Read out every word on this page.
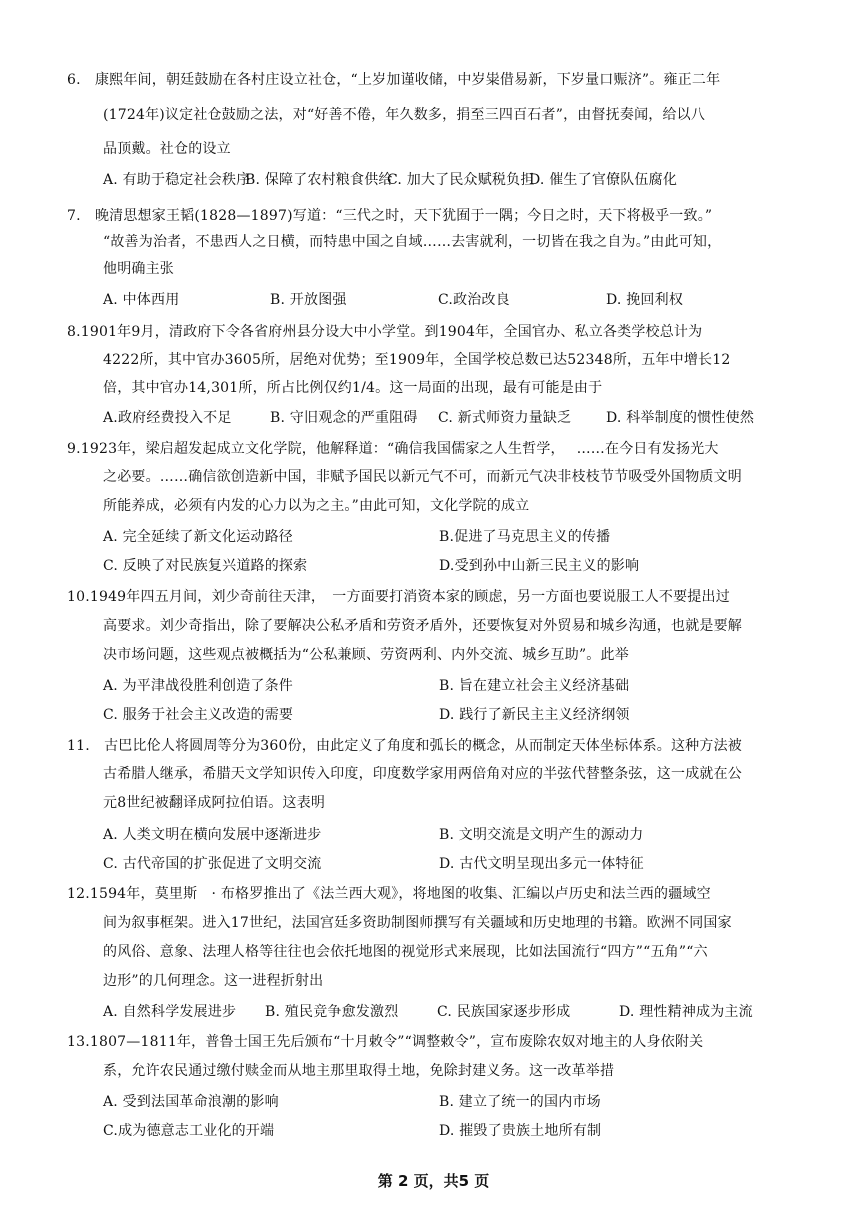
6.　康熙年间，朝廷鼓励在各村庄设立社仓，“上岁加谨收储，中岁粜借易新，下岁量口赈济”。雍正二年
(1724年)议定社仓鼓励之法，对“好善不倦，年久数多，捐至三四百石者”，由督抚奏闻，给以八
品顶戴。社仓的设立
A. 有助于稳定社会秩序
B. 保障了农村粮食供给
C. 加大了民众赋税负担
D. 催生了官僚队伍腐化
7.　晚清思想家王韬(1828—1897)写道：“三代之时，天下犹囿于一隅；今日之时，天下将极乎一致。”
“故善为治者，不患西人之日横，而特患中国之自域……去害就利，一切皆在我之自为。”由此可知，
他明确主张
A. 中体西用	B. 开放图强	C.政治改良	D. 挽回利权
8.1901年9月，清政府下令各省府州县分设大中小学堂。到1904年，全国官办、私立各类学校总计为
4222所，其中官办3605所，居绝对优势；至1909年，全国学校总数已达52348所，五年中增长12
倍，其中官办14,301所，所占比例仅约1/4。这一局面的出现，最有可能是由于
A.政府经费投入不足	B. 守旧观念的严重阻碍 C. 新式师资力量缺乏 D. 科举制度的惯性使然
9.1923年，梁启超发起成立文化学院，他解释道：“确信我国儒家之人生哲学，　 ……在今日有发扬光大
之必要。……确信欲创造新中国，非赋予国民以新元气不可，而新元气决非枝枝节节吸受外国物质文明
所能养成，必须有内发的心力以为之主。”由此可知，文化学院的成立
A. 完全延续了新文化运动路径	B.促进了马克思主义的传播
C. 反映了对民族复兴道路的探索	D.受到孙中山新三民主义的影响
10.1949年四五月间，刘少奇前往天津，　一方面要打消资本家的顾虑，另一方面也要说服工人不要提出过
高要求。刘少奇指出，除了要解决公私矛盾和劳资矛盾外，还要恢复对外贸易和城乡沟通，也就是要解
决市场问题，这些观点被概括为“公私兼顾、劳资两利、内外交流、城乡互助”。此举
A. 为平津战役胜利创造了条件	B. 旨在建立社会主义经济基础
C. 服务于社会主义改造的需要	D. 践行了新民主主义经济纲领
11.　古巴比伦人将圆周等分为360份，由此定义了角度和弧长的概念，从而制定天体坐标体系。这种方法被
古希腊人继承，希腊天文学知识传入印度，印度数学家用两倍角对应的半弦代替整条弦，这一成就在公
元8世纪被翻译成阿拉伯语。这表明
A. 人类文明在横向发展中逐渐进步	B. 文明交流是文明产生的源动力
C. 古代帝国的扩张促进了文明交流	D. 古代文明呈现出多元一体特征
12.1594年，莫里斯　· 布格罗推出了《法兰西大观》，将地图的收集、汇编以卢历史和法兰西的疆域空
间为叙事框架。进入17世纪，法国宫廷多资助制图师撰写有关疆域和历史地理的书籍。欧洲不同国家
的风俗、意象、法理人格等往往也会依托地图的视觉形式来展现，比如法国流行“四方”“五角”“六
边形”的几何理念。这一进程折射出
A. 自然科学发展进步 B. 殖民竞争愈发激烈	C. 民族国家逐步形成	D. 理性精神成为主流
13.1807—1811年，普鲁士国王先后颁布“十月敕令”“调整敕令”，宣布废除农奴对地主的人身依附关
系，允许农民通过缴付赎金而从地主那里取得土地，免除封建义务。这一改革举措
A. 受到法国革命浪潮的影响	B. 建立了统一的国内市场
C.成为德意志工业化的开端	D. 摧毁了贵族土地所有制
第 2 页，共5 页
